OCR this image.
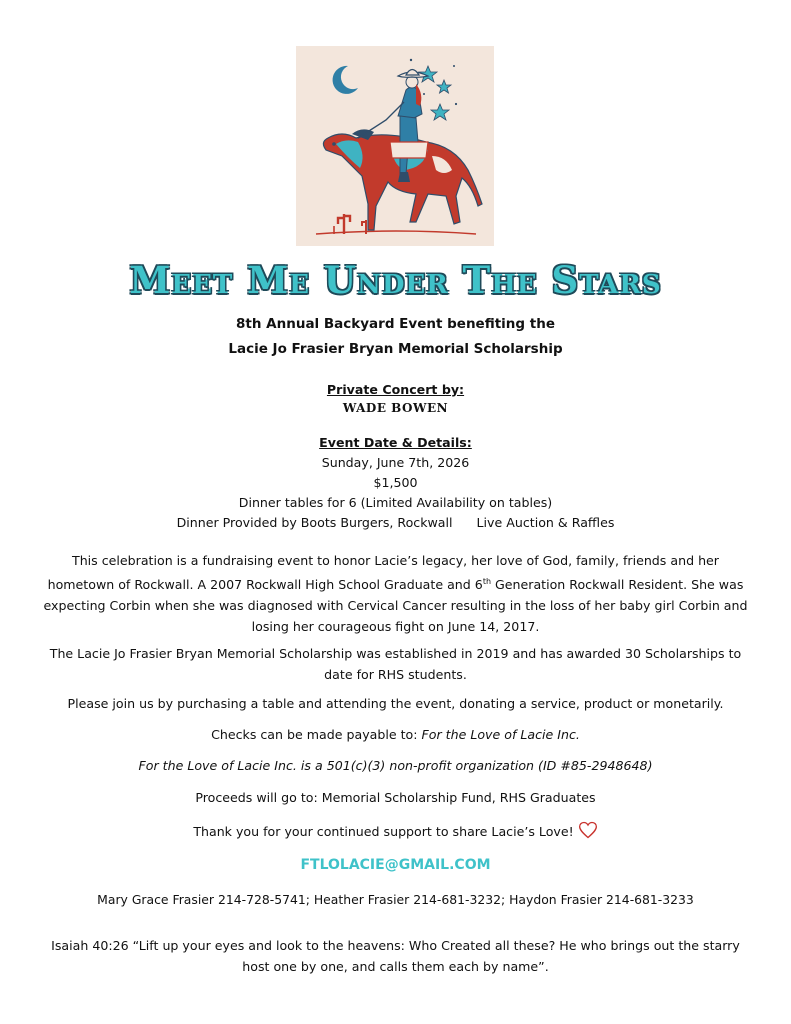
Meet Me Under The Stars
8th Annual Backyard Event benefiting the
Lacie Jo Frasier Bryan Memorial Scholarship
Private Concert by:
WADE BOWEN
Event Date & Details:
Sunday, June 7th, 2026
$1,500
Dinner tables for 6 (Limited Availability on tables)
Dinner Provided by Boots Burgers, Rockwall Live Auction & Raffles
This celebration is a fundraising event to honor Lacie’s legacy, her love of God, family, friends and her hometown of Rockwall. A 2007 Rockwall High School Graduate and 6th Generation Rockwall Resident. She was expecting Corbin when she was diagnosed with Cervical Cancer resulting in the loss of her baby girl Corbin and losing her courageous fight on June 14, 2017.
The Lacie Jo Frasier Bryan Memorial Scholarship was established in 2019 and has awarded 30 Scholarships to date for RHS students.
Please join us by purchasing a table and attending the event, donating a service, product or monetarily.
Checks can be made payable to: For the Love of Lacie Inc.
For the Love of Lacie Inc. is a 501(c)(3) non-profit organization (ID #85-2948648)
Proceeds will go to: Memorial Scholarship Fund, RHS Graduates
Thank you for your continued support to share Lacie’s Love!
FTLOLACIE@GMAIL.COM
Mary Grace Frasier 214-728-5741; Heather Frasier 214-681-3232; Haydon Frasier 214-681-3233
Isaiah 40:26 “Lift up your eyes and look to the heavens: Who Created all these? He who brings out the starry host one by one, and calls them each by name”.
